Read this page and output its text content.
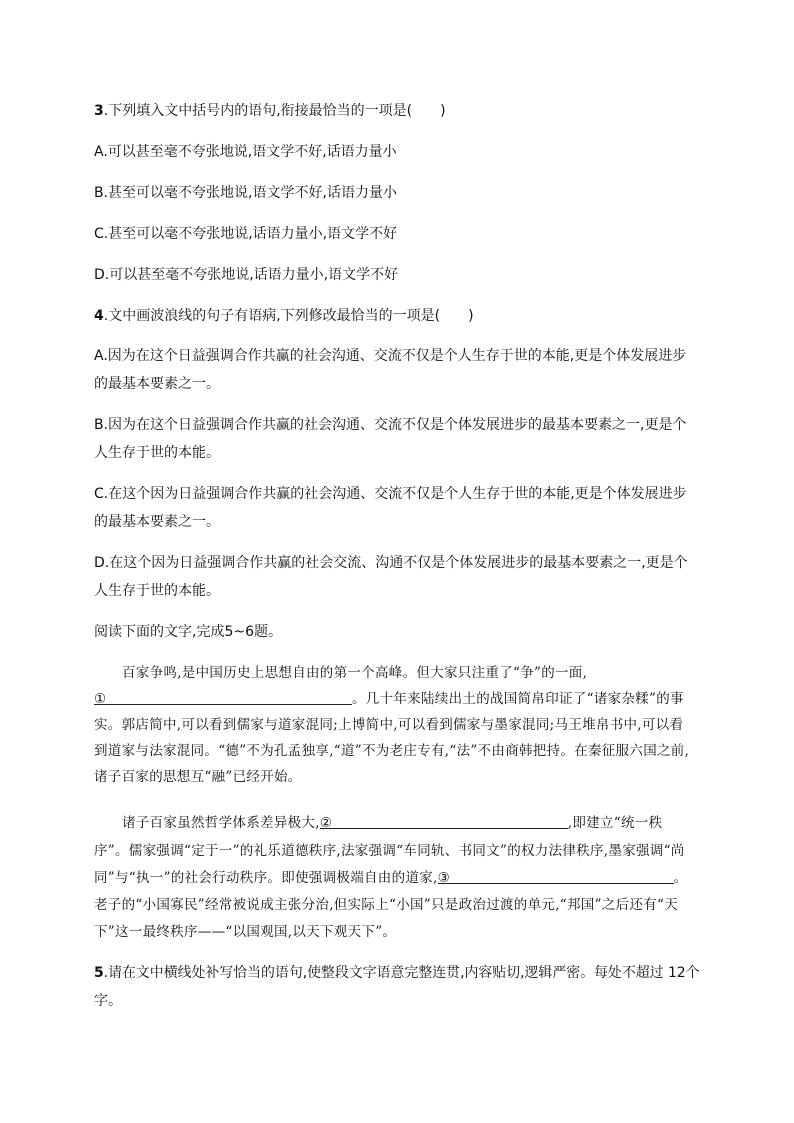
3.下列填入文中括号内的语句,衔接最恰当的一项是(　　)
A.可以甚至毫不夸张地说,语文学不好,话语力量小
B.甚至可以毫不夸张地说,语文学不好,话语力量小
C.甚至可以毫不夸张地说,话语力量小,语文学不好
D.可以甚至毫不夸张地说,话语力量小,语文学不好
4.文中画波浪线的句子有语病,下列修改最恰当的一项是(　　)
A.因为在这个日益强调合作共赢的社会沟通、交流不仅是个人生存于世的本能,更是个体发展进步
的最基本要素之一。
B.因为在这个日益强调合作共赢的社会沟通、交流不仅是个体发展进步的最基本要素之一,更是个
人生存于世的本能。
C.在这个因为日益强调合作共赢的社会沟通、交流不仅是个人生存于世的本能,更是个体发展进步
的最基本要素之一。
D.在这个因为日益强调合作共赢的社会交流、沟通不仅是个体发展进步的最基本要素之一,更是个
人生存于世的本能。
阅读下面的文字,完成5~6题。
百家争鸣,是中国历史上思想自由的第一个高峰。但大家只注重了“争”的一面,
①	。几十年来陆续出土的战国简帛印证了“诸家杂糅”的事
实。郭店简中,可以看到儒家与道家混同;上博简中,可以看到儒家与墨家混同;马王堆帛书中,可以看
到道家与法家混同。“德”不为孔孟独享,“道”不为老庄专有,“法”不由商韩把持。在秦征服六国之前,
诸子百家的思想互“融”已经开始。
诸子百家虽然哲学体系差异极大,②	,即建立“统一秩
序”。儒家强调“定于一”的礼乐道德秩序,法家强调“车同轨、书同文”的权力法律秩序,墨家强调“尚
同”与“执一”的社会行动秩序。即使强调极端自由的道家,③	。
老子的“小国寡民”经常被说成主张分治,但实际上“小国”只是政治过渡的单元,“邦国”之后还有“天
下”这一最终秩序——“以国观国,以天下观天下”。
5.请在文中横线处补写恰当的语句,使整段文字语意完整连贯,内容贴切,逻辑严密。每处不超过 12个
字。
